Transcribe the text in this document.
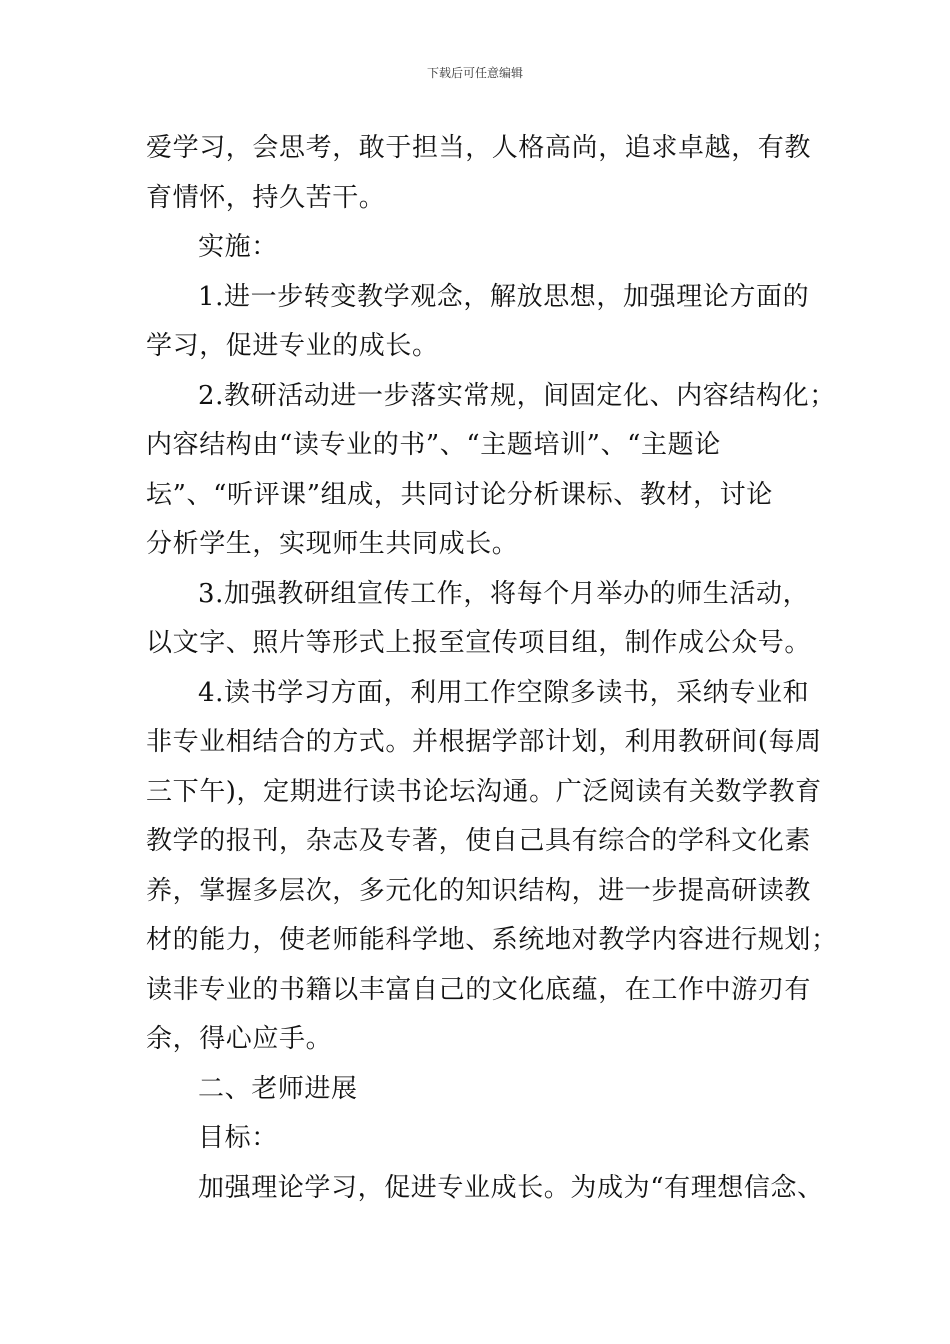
下载后可任意编辑
爱学习，会思考，敢于担当，人格高尚，追求卓越，有教
育情怀，持久苦干。
实施：
1.进一步转变教学观念，解放思想，加强理论方面的
学习，促进专业的成长。
2.教研活动进一步落实常规，间固定化、内容结构化；
内容结构由“读专业的书”、“主题培训”、“主题论
坛”、“听评课”组成，共同讨论分析课标、教材，讨论
分析学生，实现师生共同成长。
3.加强教研组宣传工作，将每个月举办的师生活动，
以文字、照片等形式上报至宣传项目组，制作成公众号。
4.读书学习方面，利用工作空隙多读书，采纳专业和
非专业相结合的方式。并根据学部计划，利用教研间(每周
三下午)，定期进行读书论坛沟通。广泛阅读有关数学教育
教学的报刊，杂志及专著，使自己具有综合的学科文化素
养，掌握多层次，多元化的知识结构，进一步提高研读教
材的能力，使老师能科学地、系统地对教学内容进行规划；
读非专业的书籍以丰富自己的文化底蕴，在工作中游刃有
余，得心应手。
二、老师进展
目标：
加强理论学习，促进专业成长。为成为“有理想信念、
